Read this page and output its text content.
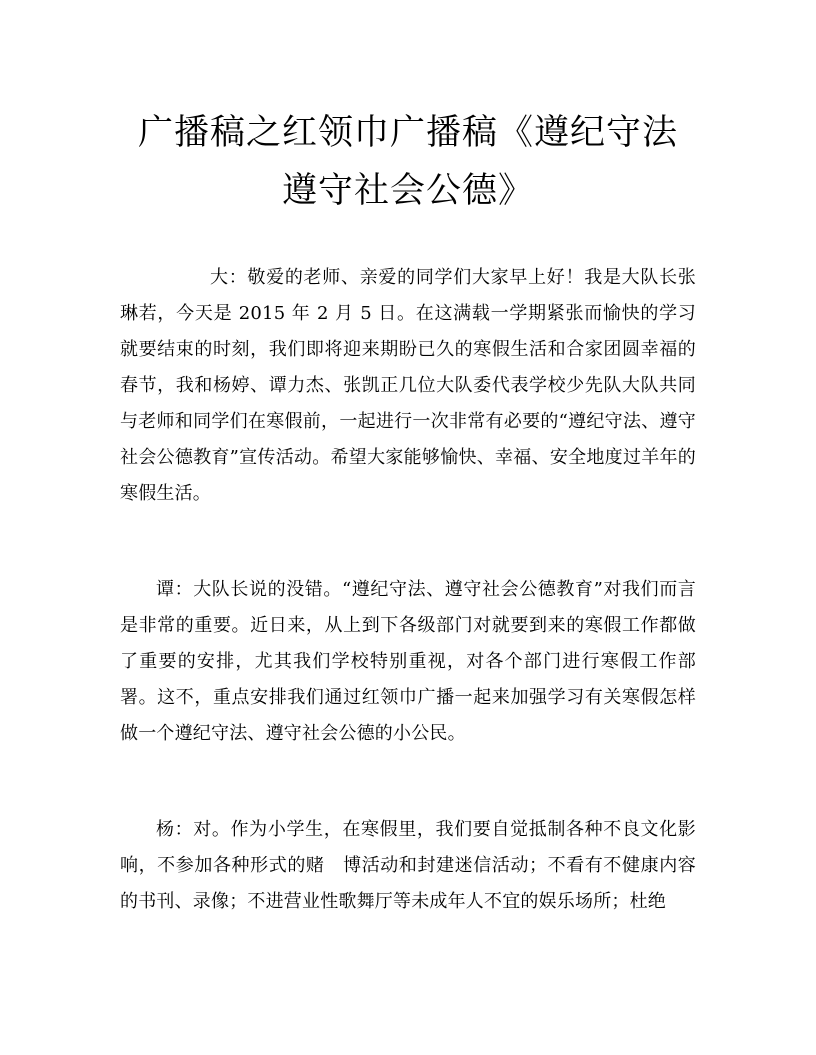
广播稿之红领巾广播稿《遵纪守法 遵守社会公德》

大：敬爱的老师、亲爱的同学们大家早上好！我是大队长张琳若，今天是 2015 年 2 月 5 日。在这满载一学期紧张而愉快的学习就要结束的时刻，我们即将迎来期盼已久的寒假生活和合家团圆幸福的春节，我和杨婷、谭力杰、张凯正几位大队委代表学校少先队大队共同与老师和同学们在寒假前，一起进行一次非常有必要的“遵纪守法、遵守社会公德教育”宣传活动。希望大家能够愉快、幸福、安全地度过羊年的寒假生活。

谭：大队长说的没错。“遵纪守法、遵守社会公德教育”对我们而言是非常的重要。近日来，从上到下各级部门对就要到来的寒假工作都做了重要的安排，尤其我们学校特别重视，对各个部门进行寒假工作部署。这不，重点安排我们通过红领巾广播一起来加强学习有关寒假怎样做一个遵纪守法、遵守社会公德的小公民。

杨：对。作为小学生，在寒假里，我们要自觉抵制各种不良文化影响，不参加各种形式的赌　博活动和封建迷信活动；不看有不健康内容的书刊、录像；不进营业性歌舞厅等未成年人不宜的娱乐场所；杜绝
